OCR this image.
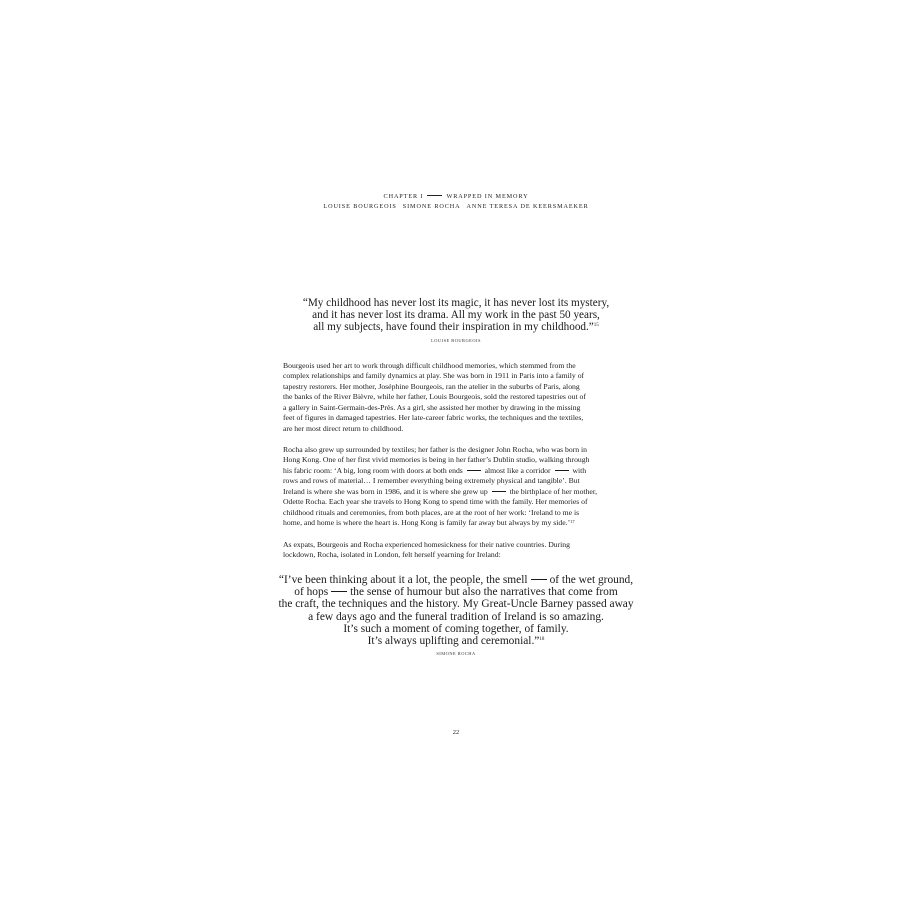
CHAPTER I	WRAPPED IN MEMORY
LOUISE BOURGEOIS SIMONE ROCHA ANNE TERESA DE KEERSMAEKER
“My childhood has never lost its magic, it has never lost its mystery,
and it has never lost its drama. All my work in the past 50 years,
all my subjects, have found their inspiration in my childhood.”$^{15}$
LOUISE BOURGEOIS
Bourgeois used her art to work through difficult childhood memories, which stemmed from the
complex relationships and family dynamics at play. She was born in 1911 in Paris into a family of
tapestry restorers. Her mother, Joséphine Bourgeois, ran the atelier in the suburbs of Paris, along
the banks of the River Bièvre, while her father, Louis Bourgeois, sold the restored tapestries out of
a gallery in Saint-Germain-des-Près. As a girl, she assisted her mother by drawing in the missing
feet of figures in damaged tapestries. Her late-career fabric works, the techniques and the textiles,
are her most direct return to childhood.
Rocha also grew up surrounded by textiles; her father is the designer John Rocha, who was born in
Hong Kong. One of her first vivid memories is being in her father’s Dublin studio, walking through
his fabric room: ‘A big, long room with doors at both ends	almost like a corridor	with
rows and rows of material… I remember everything being extremely physical and tangible’. But
Ireland is where she was born in 1986, and it is where she grew up	the birthplace of her mother,
Odette Rocha. Each year she travels to Hong Kong to spend time with the family. Her memories of
childhood rituals and ceremonies, from both places, are at the root of her work: ‘Ireland to me is
home, and home is where the heart is. Hong Kong is family far away but always by my side.’$^{17}$
As expats, Bourgeois and Rocha experienced homesickness for their native countries. During
lockdown, Rocha, isolated in London, felt herself yearning for Ireland:
“I’ve been thinking about it a lot, the people, the smell of the wet ground,
of hops the sense of humour but also the narratives that come from
the craft, the techniques and the history. My Great-Uncle Barney passed away
a few days ago and the funeral tradition of Ireland is so amazing.
It’s such a moment of coming together, of family.
It’s always uplifting and ceremonial.”$^{18}$
SIMONE ROCHA
22
